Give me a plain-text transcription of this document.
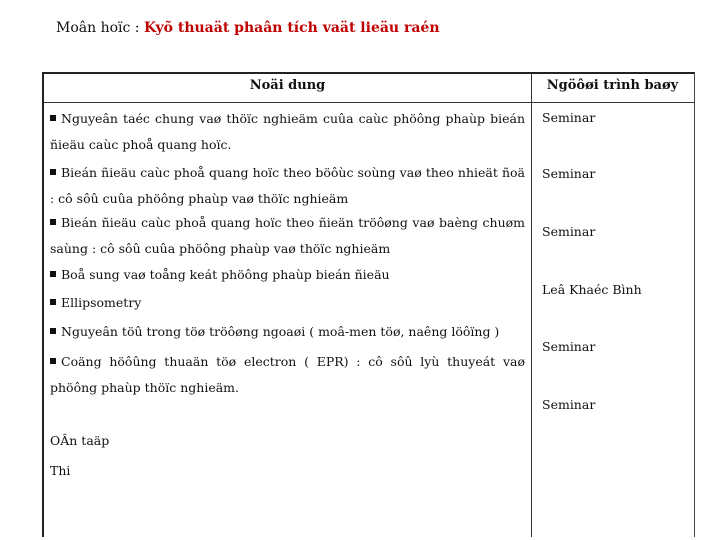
Moân hoïc : Kyõ thuaät phaân tích vaät lieäu raén
Noäi dung	Ngöôøi trình baøy
Nguyeân taéc chung vaø thöïc nghieäm cuûa caùc phöông phaùp bieán ñieäu caùc phoå quang hoïc.
Bieán ñieäu caùc phoå quang hoïc theo böôùc soùng vaø theo nhieät ñoä : cô sôû cuûa phöông phaùp vaø thöïc nghieäm
Bieán ñieäu caùc phoå quang hoïc theo ñieän tröôøng vaø baèng chuøm saùng : cô sôû cuûa phöông phaùp vaø thöïc nghieäm
Boå sung vaø toång keát phöông phaùp bieán ñieäu
Ellipsometry
Nguyeân töû trong töø tröôøng ngoaøi ( moâ-men töø, naêng löôïng )
Coäng höôûng thuaän töø electron ( EPR) : cô sôû lyù thuyeát vaø phöông phaùp thöïc nghieäm.
OÂn taäp
Thi
Seminar
Seminar
Seminar
Leâ Khaéc Bình
Seminar
Seminar
